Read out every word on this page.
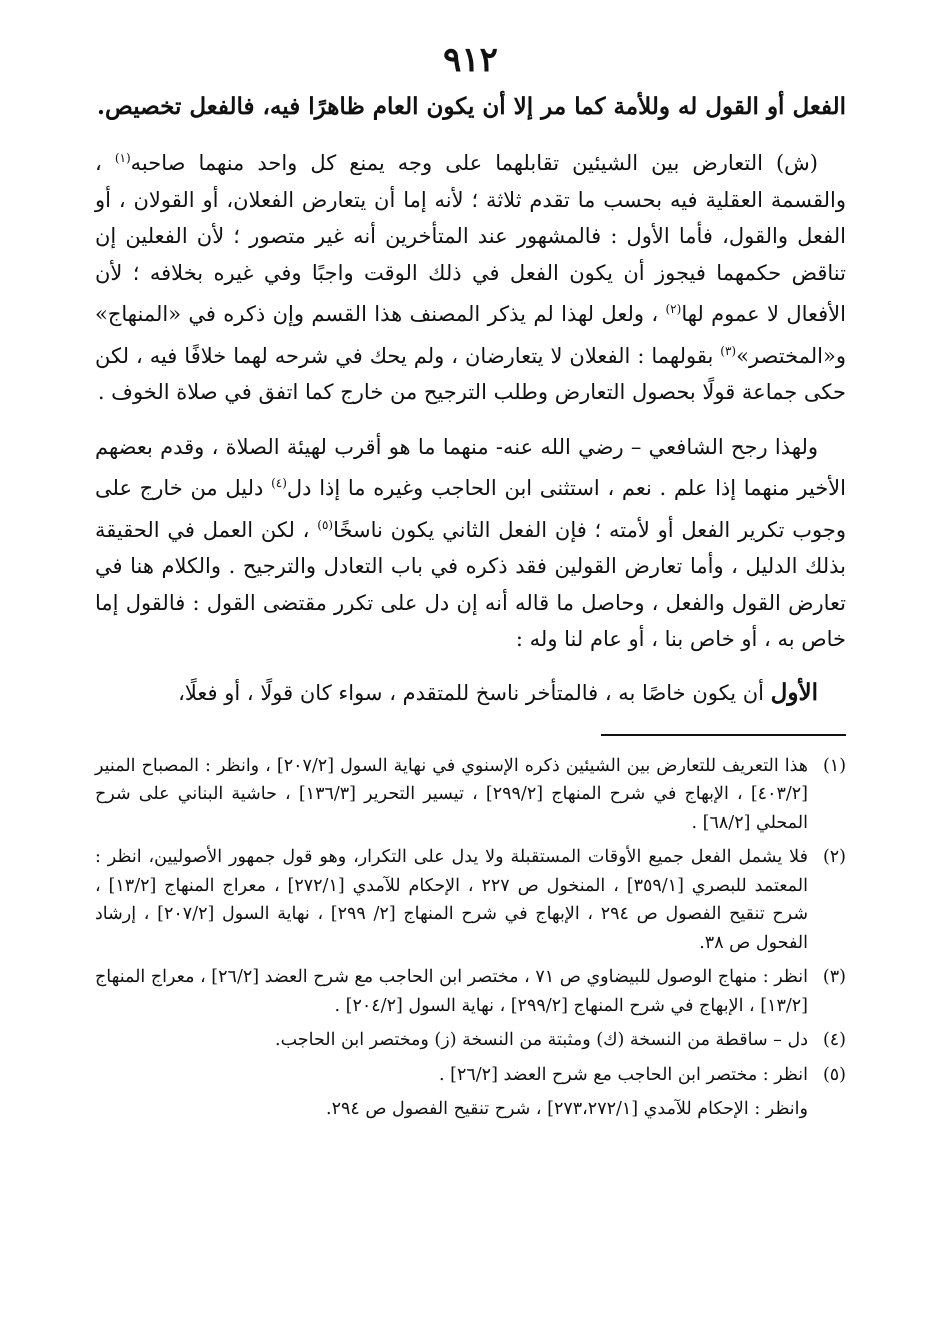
٩١٢

الفعل أو القول له وللأمة كما مر إلا أن يكون العام ظاهرًا فيه، فالفعل تخصيص.

(ش) التعارض بين الشيئين تقابلهما على وجه يمنع كل واحد منهما صاحبه$^{(١)}$ ، والقسمة العقلية فيه بحسب ما تقدم ثلاثة ؛ لأنه إما أن يتعارض الفعلان، أو القولان ، أو الفعل والقول، فأما الأول : فالمشهور عند المتأخرين أنه غير متصور ؛ لأن الفعلين إن تناقض حكمهما فيجوز أن يكون الفعل في ذلك الوقت واجبًا وفي غيره بخلافه ؛ لأن الأفعال لا عموم لها$^{(٢)}$ ، ولعل لهذا لم يذكر المصنف هذا القسم وإن ذكره في «المنهاج» و«المختصر»$^{(٣)}$ بقولهما : الفعلان لا يتعارضان ، ولم يحك في شرحه لهما خلافًا فيه ، لكن حكى جماعة قولًا بحصول التعارض وطلب الترجيح من خارج كما اتفق في صلاة الخوف .

ولهذا رجح الشافعي – رضي الله عنه- منهما ما هو أقرب لهيئة الصلاة ، وقدم بعضهم الأخير منهما إذا علم . نعم ، استثنى ابن الحاجب وغيره ما إذا دل$^{(٤)}$ دليل من خارج على وجوب تكرير الفعل أو لأمته ؛ فإن الفعل الثاني يكون ناسخًا$^{(٥)}$ ، لكن العمل في الحقيقة بذلك الدليل ، وأما تعارض القولين فقد ذكره في باب التعادل والترجيح . والكلام هنا في تعارض القول والفعل ، وحاصل ما قاله أنه إن دل على تكرر مقتضى القول : فالقول إما خاص به ، أو خاص بنا ، أو عام لنا وله :

الأول أن يكون خاصًا به ، فالمتأخر ناسخ للمتقدم ، سواء كان قولًا ، أو فعلًا،

(١)هذا التعريف للتعارض بين الشيئين ذكره الإسنوي في نهاية السول [٢٠٧/٢] ، وانظر : المصباح المنير [٤٠٣/٢] ، الإبهاج في شرح المنهاج [٢٩٩/٢] ، تيسير التحرير [١٣٦/٣] ، حاشية البناني على شرح المحلي [٦٨/٢] .

(٢)فلا يشمل الفعل جميع الأوقات المستقبلة ولا يدل على التكرار، وهو قول جمهور الأصوليين، انظر : المعتمد للبصري [٣٥٩/١] ، المنخول ص ٢٢٧ ، الإحكام للآمدي [٢٧٢/١] ، معراج المنهاج [١٣/٢] ، شرح تنقيح الفصول ص ٢٩٤ ، الإبهاج في شرح المنهاج [٢/ ٢٩٩] ، نهاية السول [٢٠٧/٢] ، إرشاد الفحول ص ٣٨.

(٣)انظر : منهاج الوصول للبيضاوي ص ٧١ ، مختصر ابن الحاجب مع شرح العضد [٢٦/٢] ، معراج المنهاج [١٣/٢] ، الإبهاج في شرح المنهاج [٢٩٩/٢] ، نهاية السول [٢٠٤/٢] .

(٤)دل – ساقطة من النسخة (ك) ومثبتة من النسخة (ز) ومختصر ابن الحاجب.

(٥)انظر : مختصر ابن الحاجب مع شرح العضد [٢٦/٢] .

وانظر : الإحكام للآمدي [٢٧٣،٢٧٢/١] ، شرح تنقيح الفصول ص ٢٩٤.
